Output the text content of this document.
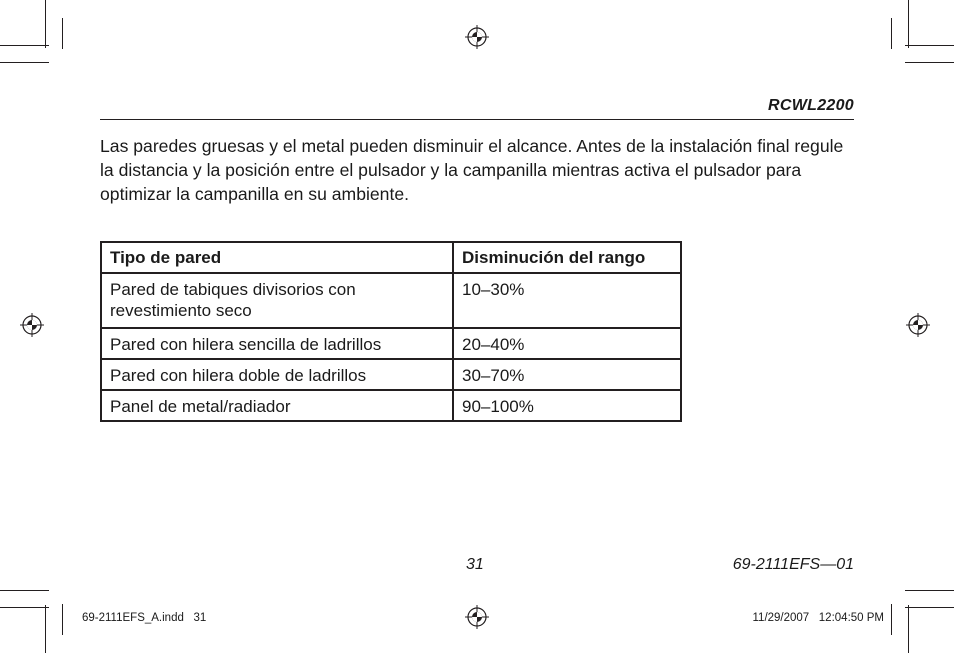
RCWL2200

Las paredes gruesas y el metal pueden disminuir el alcance. Antes de la instalación final regule la distancia y la posición entre el pulsador y la campanilla mientras activa el pulsador para optimizar la campanilla en su ambiente.

Tipo de pared	Disminución del rango
Pared de tabiques divisorios con revestimiento seco	10–30%
Pared con hilera sencilla de ladrillos	20–40%
Pared con hilera doble de ladrillos	30–70%
Panel de metal/radiador	90–100%
31	69-2111EFS—01
69-2111EFS_A.indd   31	11/29/2007   12:04:50 PM
